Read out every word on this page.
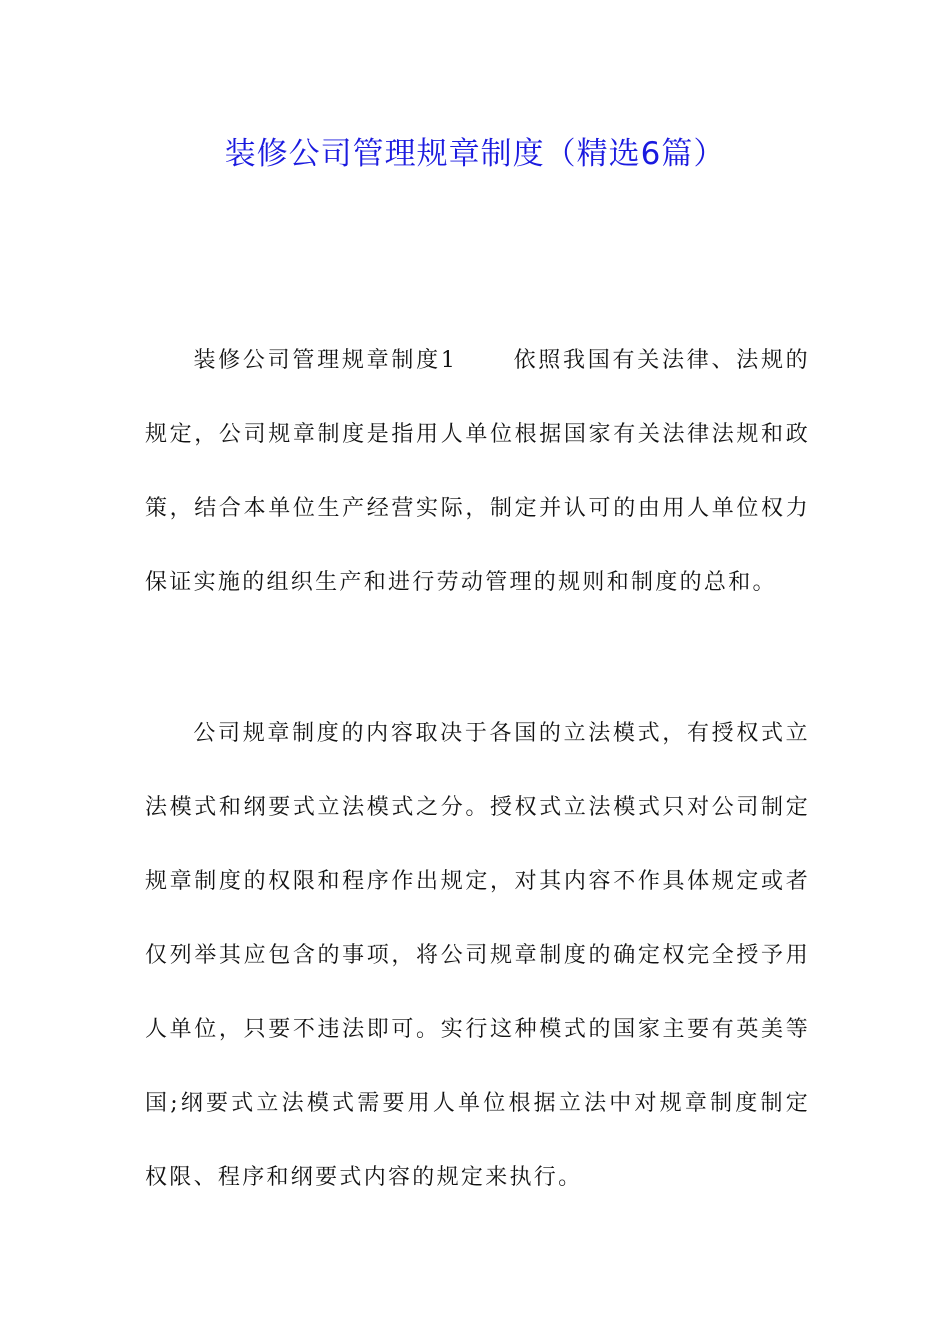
装修公司管理规章制度（精选6篇）

装修公司管理规章制度1	依照我国有关法律、法规的规定，公司规章制度是指用人单位根据国家有关法律法规和政策，结合本单位生产经营实际，制定并认可的由用人单位权力保证实施的组织生产和进行劳动管理的规则和制度的总和。

公司规章制度的内容取决于各国的立法模式，有授权式立法模式和纲要式立法模式之分。授权式立法模式只对公司制定规章制度的权限和程序作出规定，对其内容不作具体规定或者仅列举其应包含的事项，将公司规章制度的确定权完全授予用人单位，只要不违法即可。实行这种模式的国家主要有英美等国;纲要式立法模式需要用人单位根据立法中对规章制度制定权限、程序和纲要式内容的规定来执行。
